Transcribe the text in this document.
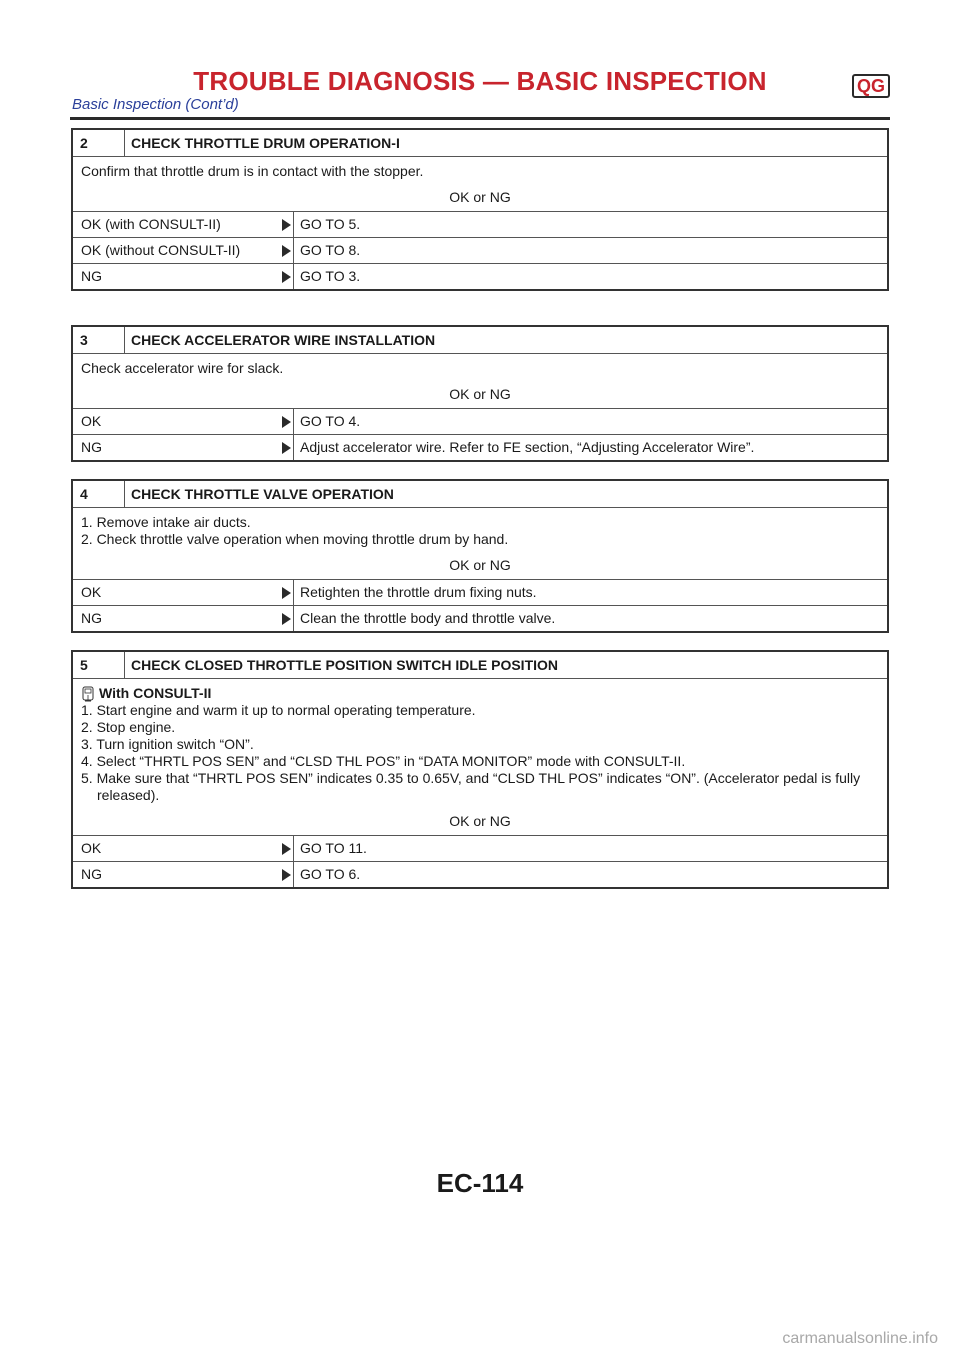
TROUBLE DIAGNOSIS — BASIC INSPECTION	QG
Basic Inspection (Cont’d)
2	CHECK THROTTLE DRUM OPERATION-I
Confirm that throttle drum is in contact with the stopper.
OK or NG
OK (with CONSULT-II)	GO TO 5.
OK (without CONSULT-II)	GO TO 8.
NG	GO TO 3.
3	CHECK ACCELERATOR WIRE INSTALLATION
Check accelerator wire for slack.
OK or NG
OK	GO TO 4.
NG	Adjust accelerator wire. Refer to FE section, “Adjusting Accelerator Wire”.
4	CHECK THROTTLE VALVE OPERATION
1. Remove intake air ducts.
2. Check throttle valve operation when moving throttle drum by hand.
OK or NG
OK	Retighten the throttle drum fixing nuts.
NG	Clean the throttle body and throttle valve.
5	CHECK CLOSED THROTTLE POSITION SWITCH IDLE POSITION
With CONSULT-II
1. Start engine and warm it up to normal operating temperature.
2. Stop engine.
3. Turn ignition switch “ON”.
4. Select “THRTL POS SEN” and “CLSD THL POS” in “DATA MONITOR” mode with CONSULT-II.
5. Make sure that “THRTL POS SEN” indicates 0.35 to 0.65V, and “CLSD THL POS” indicates “ON”. (Accelerator pedal is fully released).
OK or NG
OK	GO TO 11.
NG	GO TO 6.
EC-114
carmanualsonline.info
